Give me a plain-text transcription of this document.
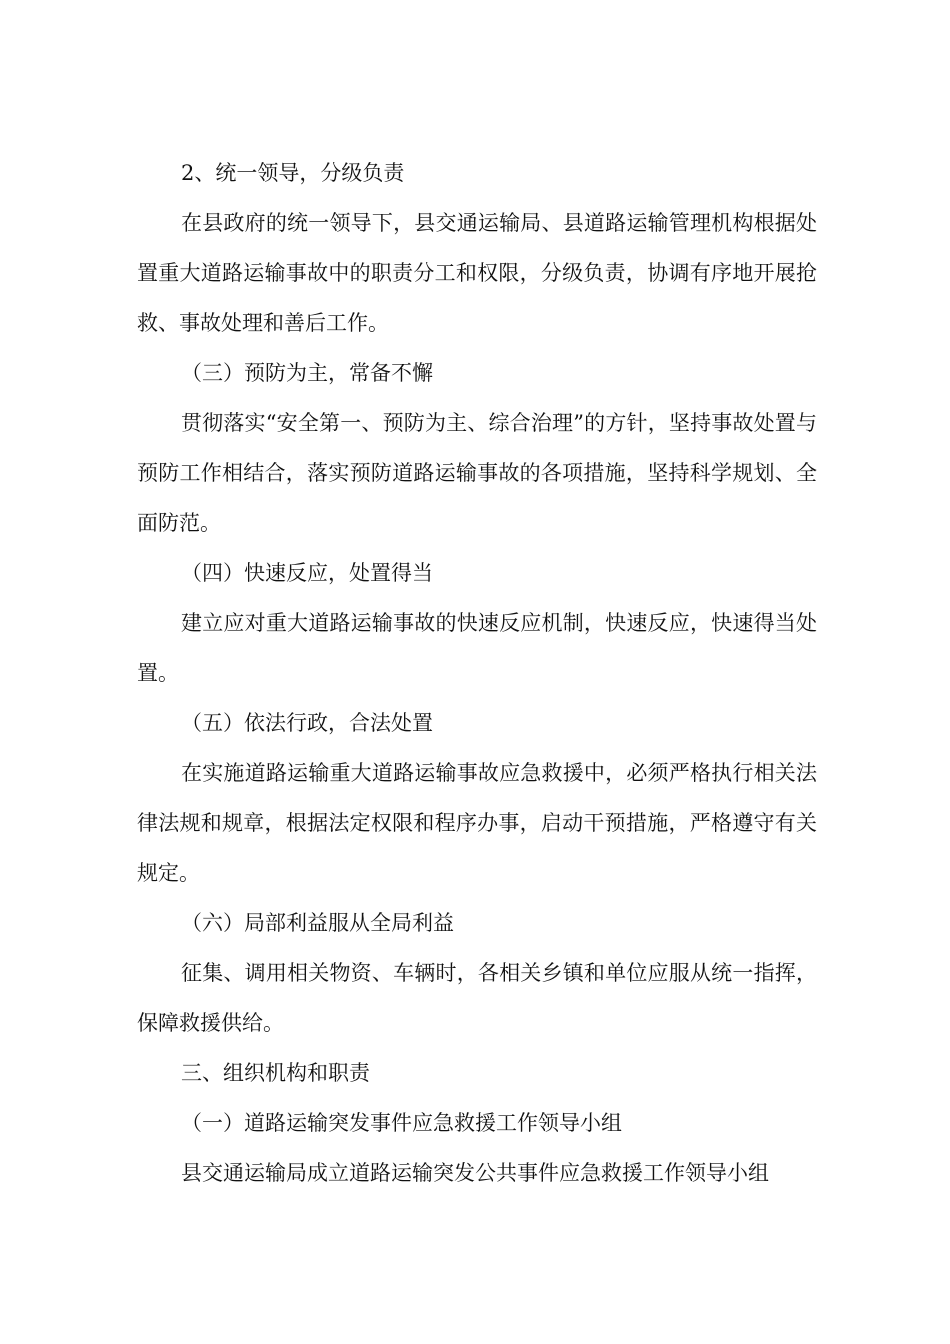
2、统一领导，分级负责

在县政府的统一领导下，县交通运输局、县道路运输管理机构根据处置重大道路运输事故中的职责分工和权限，分级负责，协调有序地开展抢救、事故处理和善后工作。

（三）预防为主，常备不懈

贯彻落实“安全第一、预防为主、综合治理”的方针，坚持事故处置与预防工作相结合，落实预防道路运输事故的各项措施，坚持科学规划、全面防范。

（四）快速反应，处置得当

建立应对重大道路运输事故的快速反应机制，快速反应，快速得当处置。

（五）依法行政，合法处置

在实施道路运输重大道路运输事故应急救援中，必须严格执行相关法律法规和规章，根据法定权限和程序办事，启动干预措施，严格遵守有关规定。

（六）局部利益服从全局利益

征集、调用相关物资、车辆时，各相关乡镇和单位应服从统一指挥，保障救援供给。

三、组织机构和职责

（一）道路运输突发事件应急救援工作领导小组

县交通运输局成立道路运输突发公共事件应急救援工作领导小组
